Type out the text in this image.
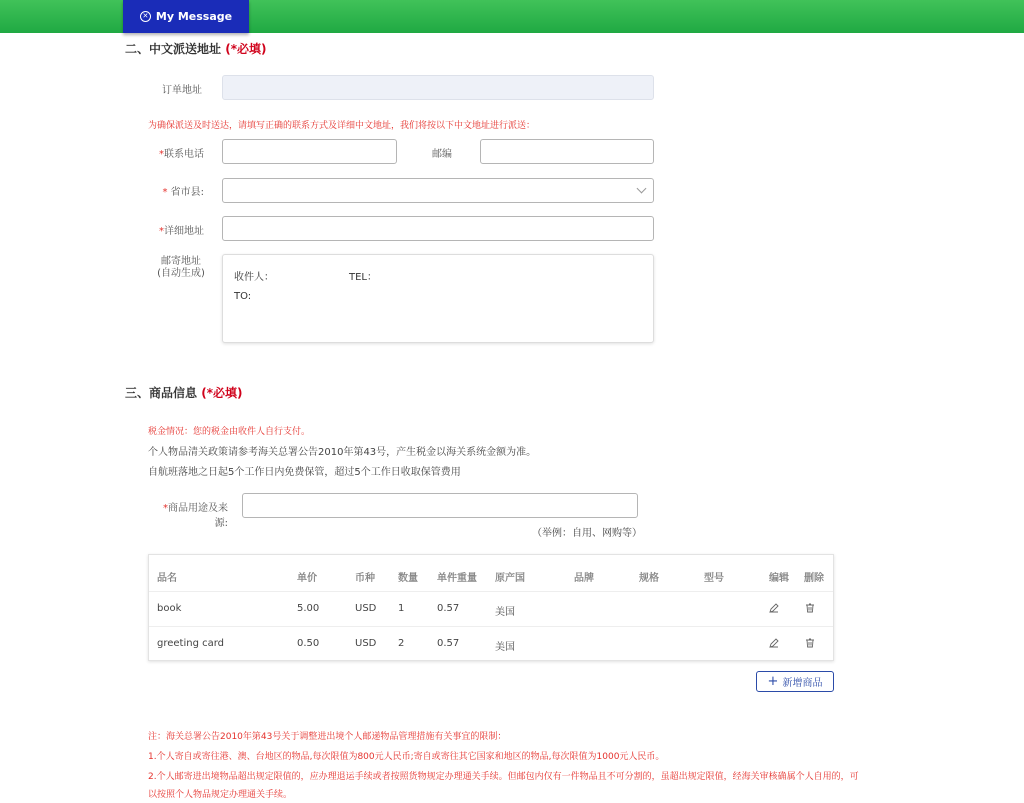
✕ My Message
二、中文派送地址 (*必填)
订单地址
为确保派送及时送达，请填写正确的联系方式及详细中文地址，我们将按以下中文地址进行派送：
*联系电话	邮编
* 省市县:
*详细地址
邮寄地址
(自动生成)	收件人：	TEL：
TO:
三、商品信息 (*必填)
税金情况：您的税金由收件人自行支付。
个人物品清关政策请参考海关总署公告2010年第43号，产生税金以海关系统金额为准。
自航班落地之日起5个工作日内免费保管，超过5个工作日收取保管费用
*商品用途及来源:
（举例：自用、网购等）
品名	单价	币种 数量 单件重量 原产国	品牌	规格	型号	编辑 删除
book	5.00	USD 1	0.57	美国
greeting card	0.50	USD 2	0.57	美国
+ 新增商品
注：海关总署公告2010年第43号关于调整进出境个人邮递物品管理措施有关事宜的限制：
1.个人寄自或寄往港、澳、台地区的物品,每次限值为800元人民币;寄自或寄往其它国家和地区的物品,每次限值为1000元人民币。
2.个人邮寄进出境物品超出规定限值的，应办理退运手续或者按照货物规定办理通关手续。但邮包内仅有一件物品且不可分割的，虽超出规定限值，经海关审核确属个人自用的，可
以按照个人物品规定办理通关手续。
